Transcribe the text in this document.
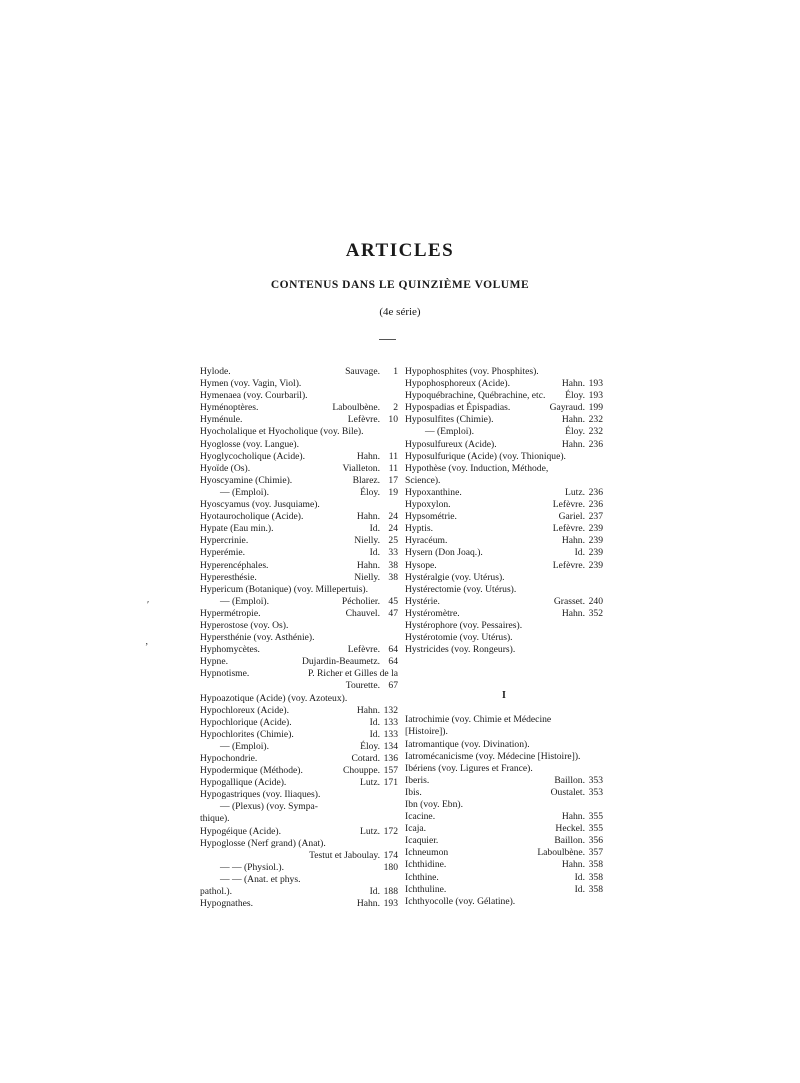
ARTICLES
CONTENUS DANS LE QUINZIÈME VOLUME
(4e série)
Hylode.	Sauvage.	1
Hymen (voy. Vagin, Viol).
Hymenaea (voy. Courbaril).
Hyménoptères.	Laboulbène.	2
Hyménule.	Lefèvre. 10
Hyocholalique et Hyocholique (voy. Bile).
Hyoglosse (voy. Langue).
Hyoglycocholique (Acide).	Hahn. 11
Hyoïde (Os).	Vialleton. 11
Hyoscyamine (Chimie).	Blarez. 17
— (Emploi).	Éloy. 19
Hyoscyamus (voy. Jusquiame).
Hyotaurocholique (Acide).	Hahn. 24
Hypate (Eau min.).	Id. 24
Hypercrinie.	Nielly. 25
Hyperémie.	Id. 33
Hyperencéphales.	Hahn. 38
Hyperesthésie.	Nielly. 38
Hypericum (Botanique) (voy. Millepertuis).
— (Emploi).	Pécholier. 45
Hypermétropie.	Chauvel. 47
Hyperostose (voy. Os).
Hypersthénie (voy. Asthénie).
Hyphomycètes.	Lefèvre. 64
Hypne.	Dujardin-Beaumetz. 64
Hypnotisme.	P. Richer et Gilles de la
Tourette. 67
Hypoazotique (Acide) (voy. Azoteux).
Hypochloreux (Acide).	Hahn. 132
Hypochlorique (Acide).	Id. 133
Hypochlorites (Chimie).	Id. 133
— (Emploi).	Éloy. 134
Hypochondrie.	Cotard. 136
Hypodermique (Méthode).	Chouppe. 157
Hypogallique (Acide).	Lutz. 171
Hypogastriques (voy. Iliaques).
— (Plexus) (voy. Sympa-
thique).
Hypogéique (Acide).	Lutz. 172
Hypoglosse (Nerf grand) (Anat).
Testut et Jaboulay. 174
— — (Physiol.).	180
— — (Anat. et phys.
pathol.).	Id. 188
Hypognathes.	Hahn. 193
Hypophosphites (voy. Phosphites).
Hypophosphoreux (Acide).	Hahn. 193
Hypoquébrachine, Québrachine, etc.	Éloy. 193
Hypospadias et Épispadias.	Gayraud. 199
Hyposulfites (Chimie).	Hahn. 232
— (Emploi).	Éloy. 232
Hyposulfureux (Acide).	Hahn. 236
Hyposulfurique (Acide) (voy. Thionique).
Hypothèse (voy. Induction, Méthode,
Science).
Hypoxanthine.	Lutz. 236
Hypoxylon.	Lefèvre. 236
Hypsométrie.	Gariel. 237
Hyptis.	Lefèvre. 239
Hyracéum.	Hahn. 239
Hysern (Don Joaq.).	Id. 239
Hysope.	Lefèvre. 239
Hystéralgie (voy. Utérus).
Hystérectomie (voy. Utérus).
Hystérie.	Grasset. 240
Hystéromètre.	Hahn. 352
Hystérophore (voy. Pessaires).
Hystérotomie (voy. Utérus).
Hystricides (voy. Rongeurs).
I
Iatrochimie (voy. Chimie et Médecine
[Histoire]).
Iatromantique (voy. Divination).
Iatromécanicisme (voy. Médecine [Histoire]).
Ibériens (voy. Ligures et France).
Iberis.	Baillon. 353
Ibis.	Oustalet. 353
Ibn (voy. Ebn).
Icacine.	Hahn. 355
Icaja.	Heckel. 355
Icaquier.	Baillon. 356
Ichneumon	Laboulbène. 357
Ichthidine.	Hahn. 358
Ichthine.	Id. 358
Ichthuline.	Id. 358
Ichthyocolle (voy. Gélatine).
ʹ
‚
